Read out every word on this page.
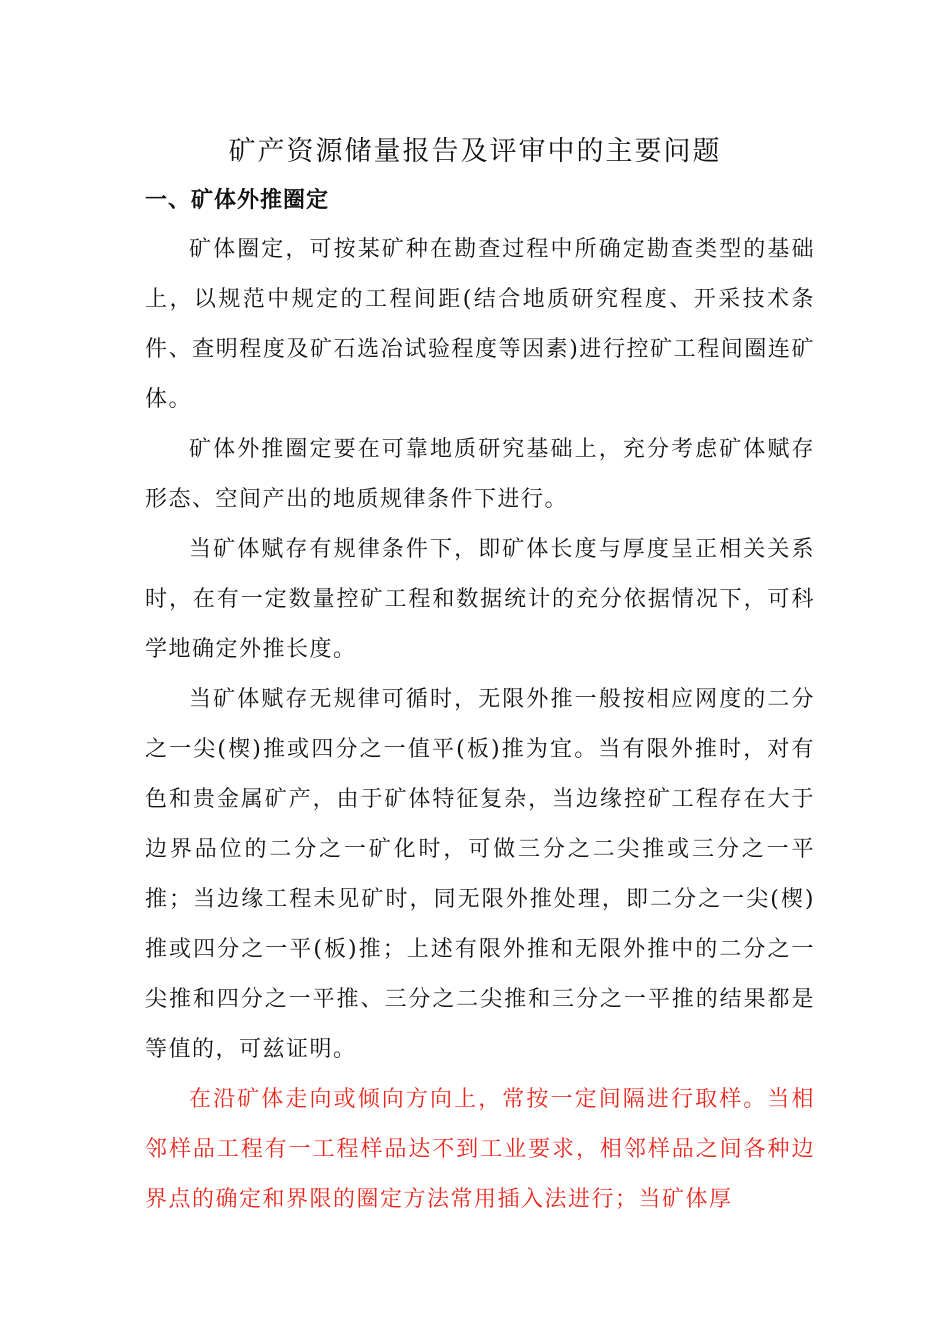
矿产资源储量报告及评审中的主要问题
一、矿体外推圈定

矿体圈定，可按某矿种在勘查过程中所确定勘查类型的基础上，以规范中规定的工程间距(结合地质研究程度、开采技术条件、查明程度及矿石选冶试验程度等因素)进行控矿工程间圈连矿体。

矿体外推圈定要在可靠地质研究基础上，充分考虑矿体赋存形态、空间产出的地质规律条件下进行。

当矿体赋存有规律条件下，即矿体长度与厚度呈正相关关系时，在有一定数量控矿工程和数据统计的充分依据情况下，可科学地确定外推长度。

当矿体赋存无规律可循时，无限外推一般按相应网度的二分之一尖(楔)推或四分之一值平(板)推为宜。当有限外推时，对有色和贵金属矿产，由于矿体特征复杂，当边缘控矿工程存在大于边界品位的二分之一矿化时，可做三分之二尖推或三分之一平推；当边缘工程未见矿时，同无限外推处理，即二分之一尖(楔)推或四分之一平(板)推；上述有限外推和无限外推中的二分之一尖推和四分之一平推、三分之二尖推和三分之一平推的结果都是等值的，可兹证明。

在沿矿体走向或倾向方向上，常按一定间隔进行取样。当相邻样品工程有一工程样品达不到工业要求，相邻样品之间各种边界点的确定和界限的圈定方法常用插入法进行；当矿体厚
